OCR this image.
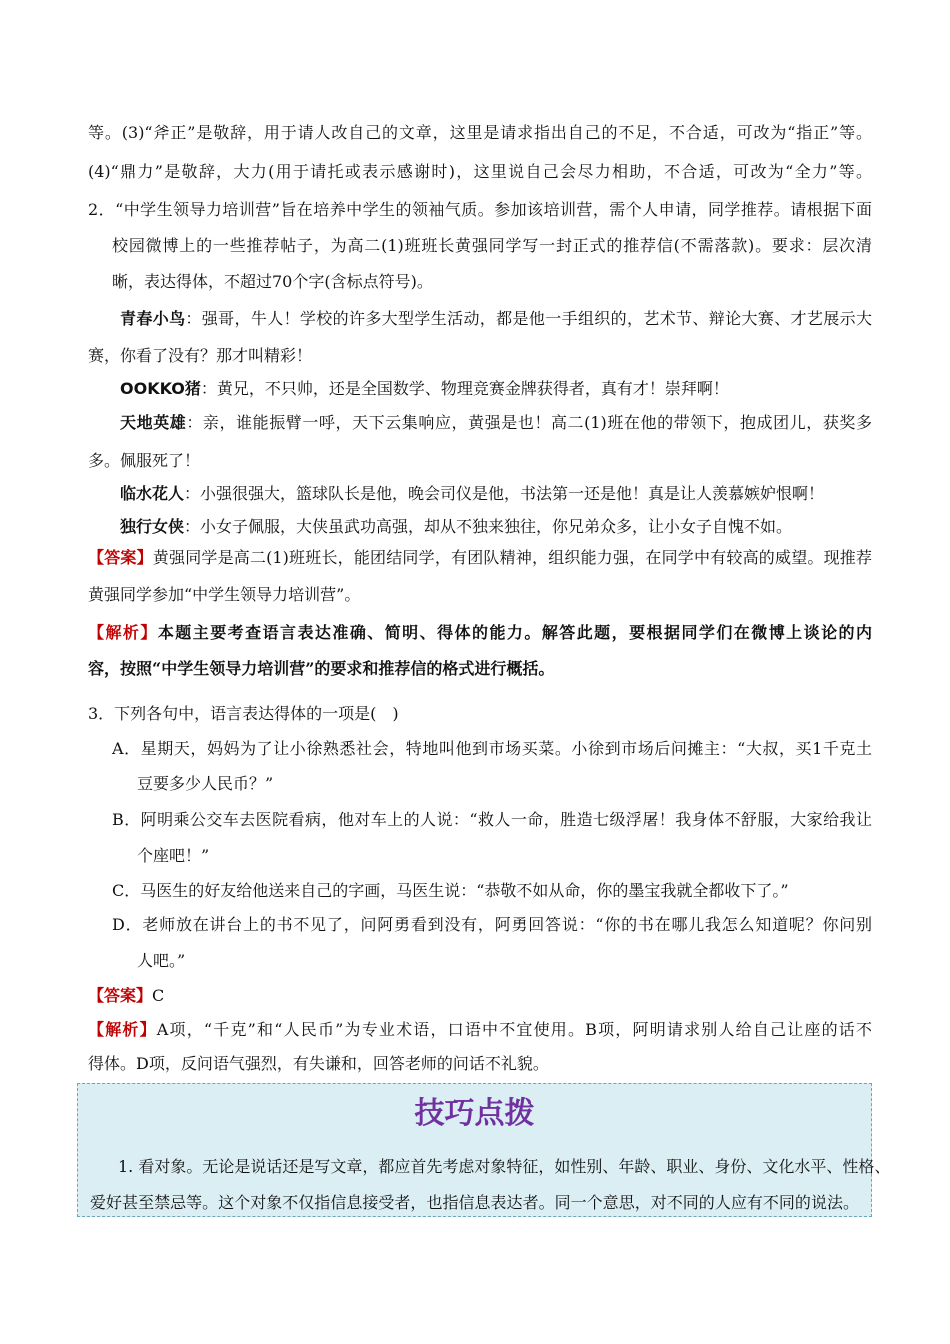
等。(3)“斧正”是敬辞，用于请人改自己的文章，这里是请求指出自己的不足，不合适，可改为“指正”等。
(4)“鼎力”是敬辞，大力(用于请托或表示感谢时)，这里说自己会尽力相助，不合适，可改为“全力”等。
2．“中学生领导力培训营”旨在培养中学生的领袖气质。参加该培训营，需个人申请，同学推荐。请根据下面
校园微博上的一些推荐帖子，为高二(1)班班长黄强同学写一封正式的推荐信(不需落款)。要求：层次清
晰，表达得体，不超过70个字(含标点符号)。
青春小鸟：强哥，牛人！学校的许多大型学生活动，都是他一手组织的，艺术节、辩论大赛、才艺展示大
赛，你看了没有？那才叫精彩！
OOKKO猪：黄兄，不只帅，还是全国数学、物理竞赛金牌获得者，真有才！崇拜啊！
天地英雄：亲，谁能振臂一呼，天下云集响应，黄强是也！高二(1)班在他的带领下，抱成团儿，获奖多
多。佩服死了！
临水花人：小强很强大，篮球队长是他，晚会司仪是他，书法第一还是他！真是让人羡慕嫉妒恨啊！
独行女侠：小女子佩服，大侠虽武功高强，却从不独来独往，你兄弟众多，让小女子自愧不如。
【答案】黄强同学是高二(1)班班长，能团结同学，有团队精神，组织能力强，在同学中有较高的威望。现推荐
黄强同学参加“中学生领导力培训营”。
【解析】本题主要考查语言表达准确、简明、得体的能力。解答此题，要根据同学们在微博上谈论的内
容，按照“中学生领导力培训营”的要求和推荐信的格式进行概括。
3．下列各句中，语言表达得体的一项是(　)
A．星期天，妈妈为了让小徐熟悉社会，特地叫他到市场买菜。小徐到市场后问摊主：“大叔，买1千克土
豆要多少人民币？”
B．阿明乘公交车去医院看病，他对车上的人说：“救人一命，胜造七级浮屠！我身体不舒服，大家给我让
个座吧！”
C．马医生的好友给他送来自己的字画，马医生说：“恭敬不如从命，你的墨宝我就全都收下了。”
D．老师放在讲台上的书不见了，问阿勇看到没有，阿勇回答说：“你的书在哪儿我怎么知道呢？你问别
人吧。”
【答案】C
【解析】A项，“千克”和“人民币”为专业术语，口语中不宜使用。B项，阿明请求别人给自己让座的话不
得体。D项，反问语气强烈，有失谦和，回答老师的问话不礼貌。
技巧点拨
1. 看对象。无论是说话还是写文章，都应首先考虑对象特征，如性别、年龄、职业、身份、文化水平、性格、
爱好甚至禁忌等。这个对象不仅指信息接受者，也指信息表达者。同一个意思，对不同的人应有不同的说法。
